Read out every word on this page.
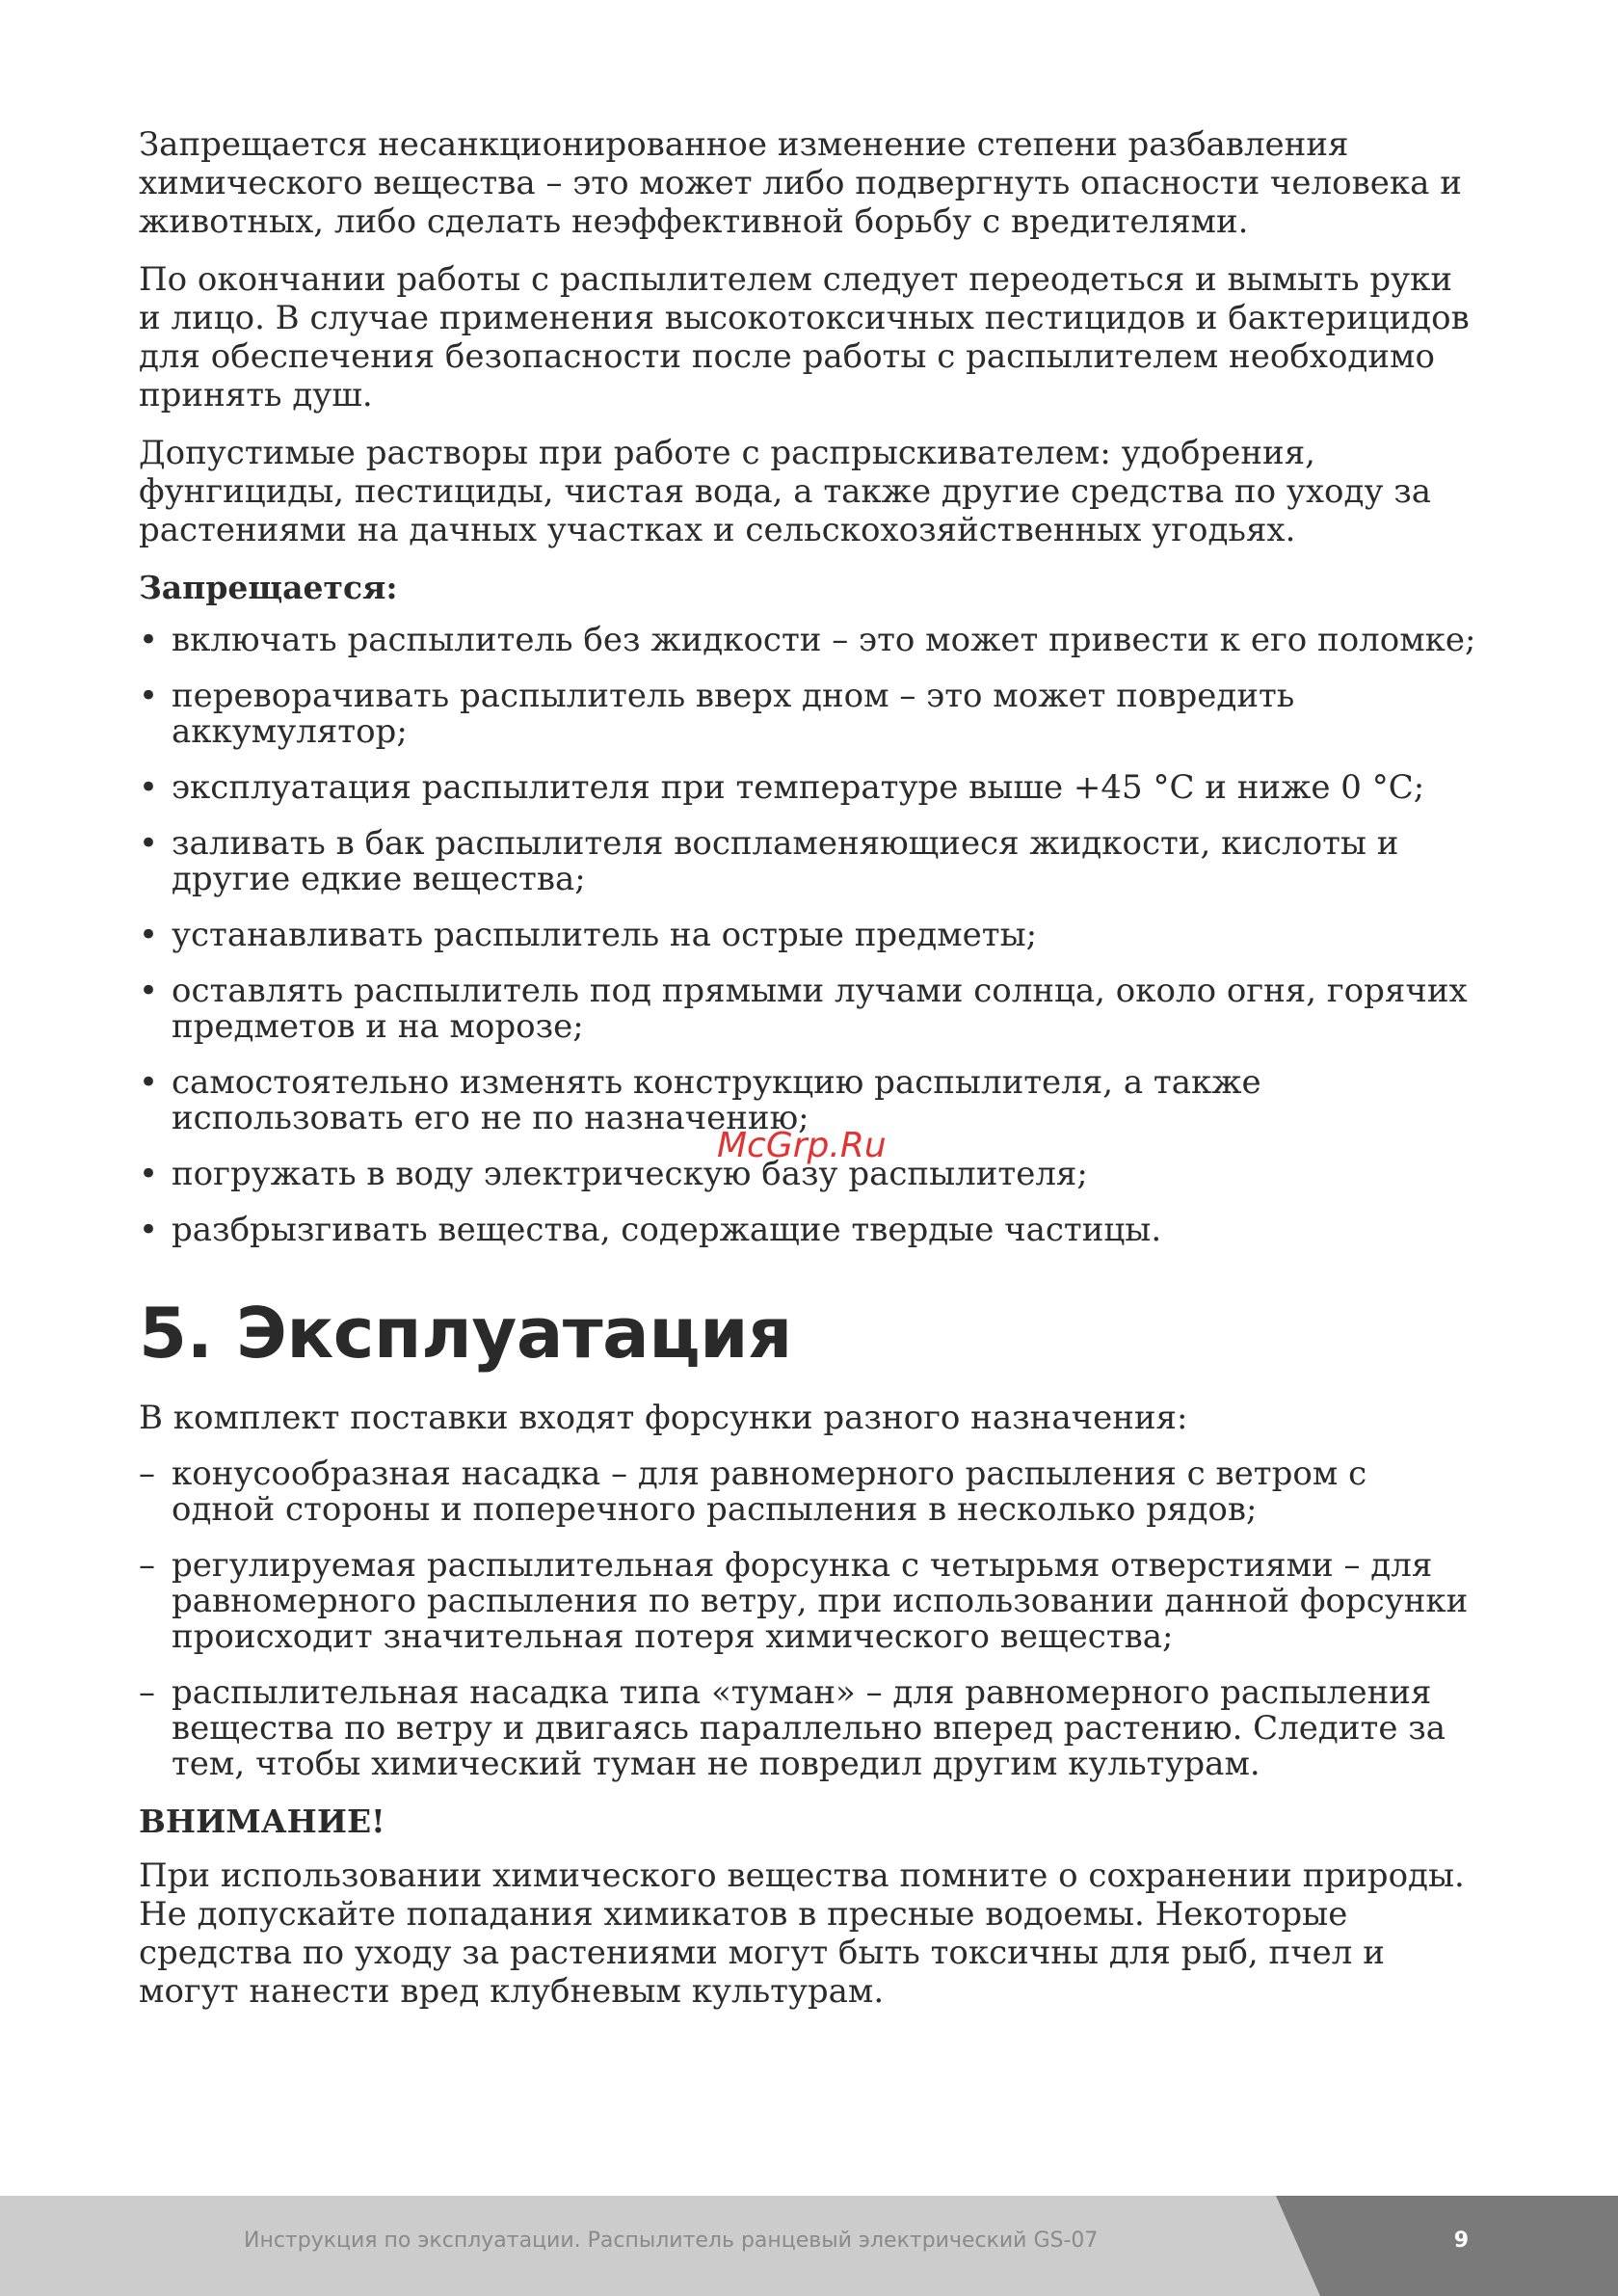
Запрещается несанкционированное изменение степени разбавления химического вещества – это может либо подвергнуть опасности человека и животных, либо сделать неэффективной борьбу с вредителями.

По окончании работы с распылителем следует переодеться и вымыть руки и лицо. В случае применения высокотоксичных пестицидов и бактерицидов для обеспечения безопасности после работы с распылителем необходимо принять душ.

Допустимые растворы при работе с распрыскивателем: удобрения, фунгициды, пестициды, чистая вода, а также другие средства по уходу за растениями на дачных участках и сельскохозяйственных угодьях.

Запрещается:
• включать распылитель без жидкости – это может привести к его поломке;
• переворачивать распылитель вверх дном – это может повредить аккумулятор;
• эксплуатация распылителя при температуре выше +45 °С и ниже 0 °С;
• заливать в бак распылителя воспламеняющиеся жидкости, кислоты и другие едкие вещества;
• устанавливать распылитель на острые предметы;
• оставлять распылитель под прямыми лучами солнца, около огня, горячих предметов и на морозе;
• самостоятельно изменять конструкцию распылителя, а также использовать его не по назначению;
• погружать в воду электрическую базу распылителя;
• разбрызгивать вещества, содержащие твердые частицы.
5. Эксплуатация

В комплект поставки входят форсунки разного назначения:

– конусообразная насадка – для равномерного распыления с ветром с одной стороны и поперечного распыления в несколько рядов;
– регулируемая распылительная форсунка с четырьмя отверстиями – для равномерного распыления по ветру, при использовании данной форсунки происходит значительная потеря химического вещества;
– распылительная насадка типа «туман» – для равномерного распыления вещества по ветру и двигаясь параллельно вперед растению. Следите за тем, чтобы химический туман не повредил другим культурам.
ВНИМАНИЕ!

При использовании химического вещества помните о сохранении природы. Не допускайте попадания химикатов в пресные водоемы. Некоторые средства по уходу за растениями могут быть токсичны для рыб, пчел и могут нанести вред клубневым культурам.

McGrp.Ru
Инструкция по эксплуатации. Распылитель ранцевый электрический GS-07	9
